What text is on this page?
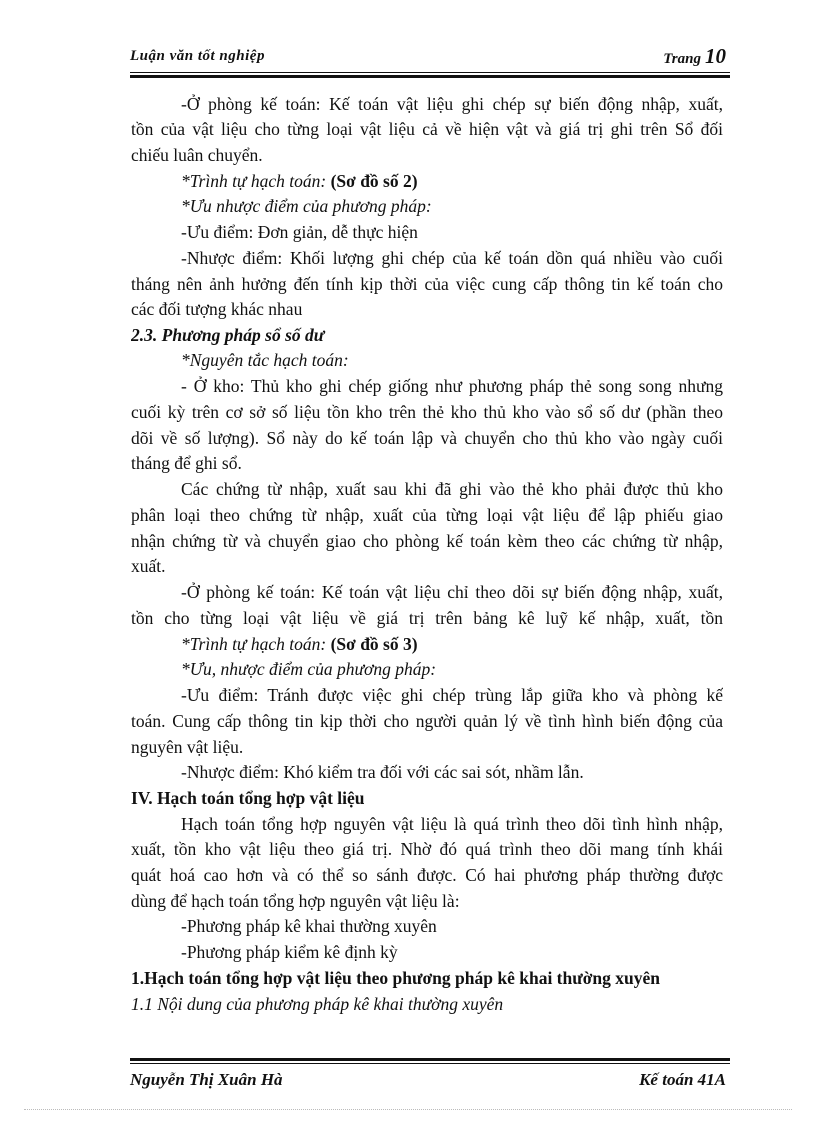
Luận văn tốt nghiệp	Trang 10
-Ở phòng kế toán: Kế toán vật liệu ghi chép sự biến động nhập, xuất,
tồn của vật liệu cho từng loại vật liệu cả về hiện vật và giá trị ghi trên Sổ đối
chiếu luân chuyển.
*Trình tự hạch toán: (Sơ đồ số 2)
*Ưu nhược điểm của phương pháp:
-Ưu điểm: Đơn giản, dễ thực hiện
-Nhược điểm: Khối lượng ghi chép của kế toán dồn quá nhiều vào cuối
tháng nên ảnh hưởng đến tính kịp thời của việc cung cấp thông tin kế toán cho
các đối tượng khác nhau
2.3. Phương pháp sổ số dư
*Nguyên tắc hạch toán:
- Ở kho: Thủ kho ghi chép giống như phương pháp thẻ song song nhưng
cuối kỳ trên cơ sở số liệu tồn kho trên thẻ kho thủ kho vào sổ số dư (phần theo
dõi về số lượng). Sổ này do kế toán lập và chuyển cho thủ kho vào ngày cuối
tháng để ghi sổ.
Các chứng từ nhập, xuất sau khi đã ghi vào thẻ kho phải được thủ kho
phân loại theo chứng từ nhập, xuất của từng loại vật liệu để lập phiếu giao
nhận chứng từ và chuyển giao cho phòng kế toán kèm theo các chứng từ nhập,
xuất.
-Ở phòng kế toán: Kế toán vật liệu chỉ theo dõi sự biến động nhập, xuất,
tồn cho từng loại vật liệu về giá trị trên bảng kê luỹ kế nhập, xuất, tồn
*Trình tự hạch toán: (Sơ đồ số 3)
*Ưu, nhược điểm của phương pháp:
-Ưu điểm: Tránh được việc ghi chép trùng lắp giữa kho và phòng kế
toán. Cung cấp thông tin kịp thời cho người quản lý về tình hình biến động của
nguyên vật liệu.
-Nhược điểm: Khó kiểm tra đối với các sai sót, nhầm lẫn.
IV. Hạch toán tổng hợp vật liệu
Hạch toán tổng hợp nguyên vật liệu là quá trình theo dõi tình hình nhập,
xuất, tồn kho vật liệu theo giá trị. Nhờ đó quá trình theo dõi mang tính khái
quát hoá cao hơn và có thể so sánh được. Có hai phương pháp thường được
dùng để hạch toán tổng hợp nguyên vật liệu là:
-Phương pháp kê khai thường xuyên
-Phương pháp kiểm kê định kỳ
1.Hạch toán tổng hợp vật liệu theo phương pháp kê khai thường xuyên
1.1 Nội dung của phương pháp kê khai thường xuyên
Nguyễn Thị Xuân Hà	Kế toán 41A
